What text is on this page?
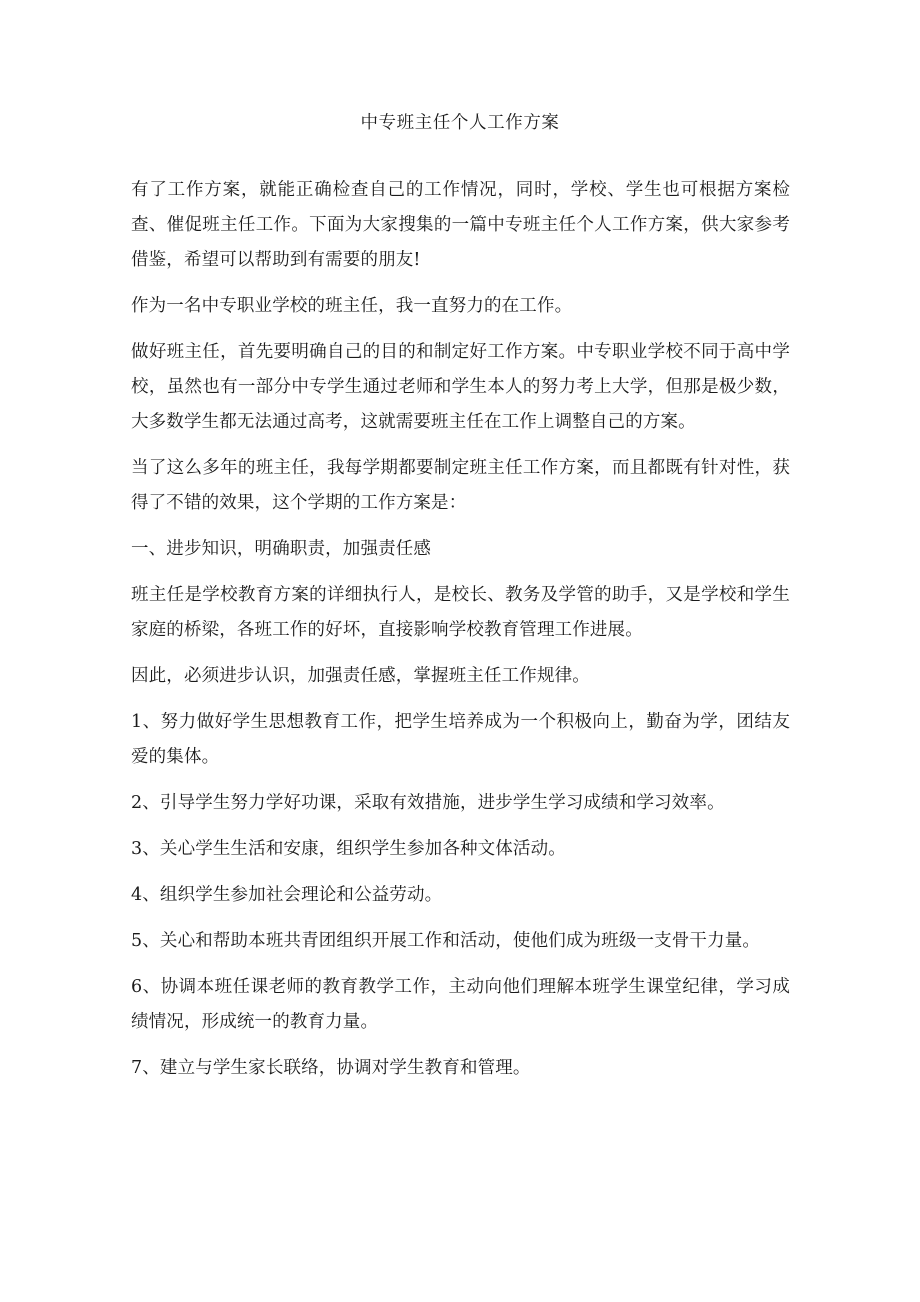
中专班主任个人工作方案

有了工作方案，就能正确检查自己的工作情况，同时，学校、学生也可根据方案检查、催促班主任工作。下面为大家搜集的一篇中专班主任个人工作方案，供大家参考借鉴，希望可以帮助到有需要的朋友!

作为一名中专职业学校的班主任，我一直努力的在工作。

做好班主任，首先要明确自己的目的和制定好工作方案。中专职业学校不同于高中学校，虽然也有一部分中专学生通过老师和学生本人的努力考上大学，但那是极少数，大多数学生都无法通过高考，这就需要班主任在工作上调整自己的方案。

当了这么多年的班主任，我每学期都要制定班主任工作方案，而且都既有针对性，获得了不错的效果，这个学期的工作方案是：

一、进步知识，明确职责，加强责任感

班主任是学校教育方案的详细执行人，是校长、教务及学管的助手，又是学校和学生家庭的桥梁，各班工作的好坏，直接影响学校教育管理工作进展。

因此，必须进步认识，加强责任感，掌握班主任工作规律。

1、努力做好学生思想教育工作，把学生培养成为一个积极向上，勤奋为学，团结友爱的集体。

2、引导学生努力学好功课，采取有效措施，进步学生学习成绩和学习效率。

3、关心学生生活和安康，组织学生参加各种文体活动。

4、组织学生参加社会理论和公益劳动。

5、关心和帮助本班共青团组织开展工作和活动，使他们成为班级一支骨干力量。

6、协调本班任课老师的教育教学工作，主动向他们理解本班学生课堂纪律，学习成绩情况，形成统一的教育力量。

7、建立与学生家长联络，协调对学生教育和管理。
